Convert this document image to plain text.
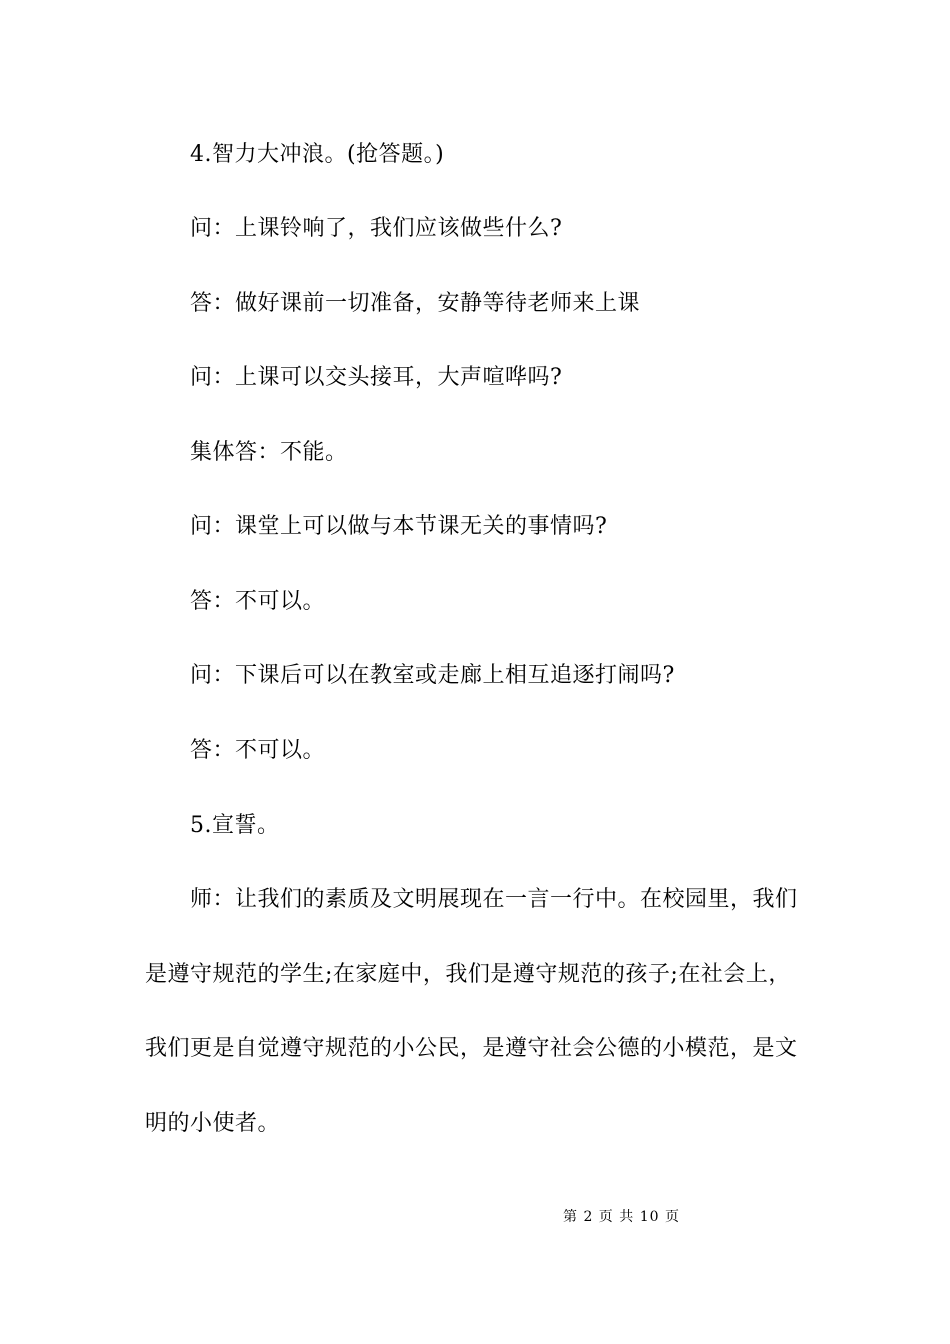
4.智力大冲浪。(抢答题。)
问：上课铃响了，我们应该做些什么?
答：做好课前一切准备，安静等待老师来上课
问：上课可以交头接耳，大声喧哗吗?
集体答：不能。
问：课堂上可以做与本节课无关的事情吗?
答：不可以。
问：下课后可以在教室或走廊上相互追逐打闹吗?
答：不可以。
5.宣誓。
师：让我们的素质及文明展现在一言一行中。在校园里，我们
是遵守规范的学生;在家庭中，我们是遵守规范的孩子;在社会上，
我们更是自觉遵守规范的小公民，是遵守社会公德的小模范，是文
明的小使者。
第 2 页 共 10 页
